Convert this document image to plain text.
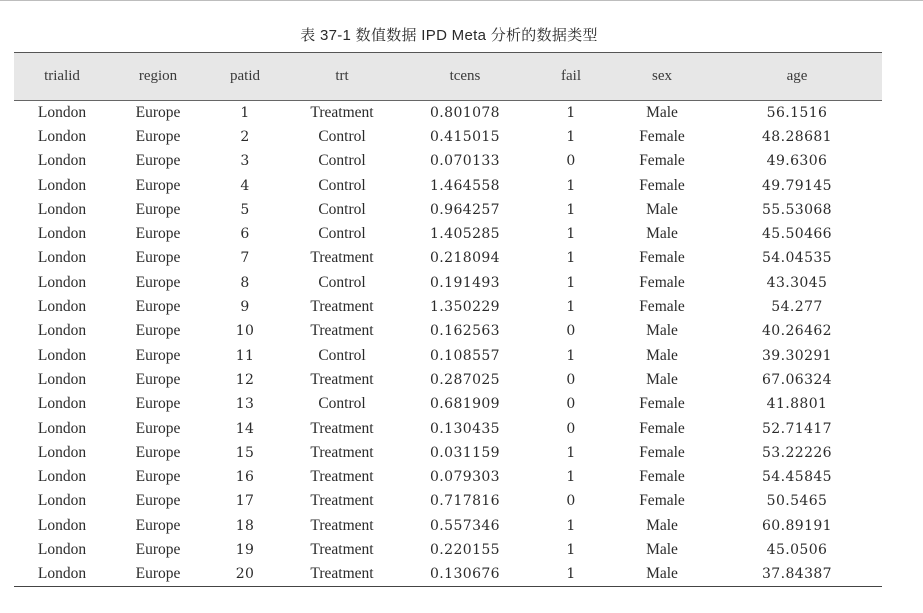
表 37-1 数值数据 IPD Meta 分析的数据类型
trialid	region	patid	trt	tcens	fail	sex	age
London	Europe	1	Treatment	0.801078	1	Male	56.1516
London	Europe	2	Control	0.415015	1	Female	48.28681
London	Europe	3	Control	0.070133	0	Female	49.6306
London	Europe	4	Control	1.464558	1	Female	49.79145
London	Europe	5	Control	0.964257	1	Male	55.53068
London	Europe	6	Control	1.405285	1	Male	45.50466
London	Europe	7	Treatment	0.218094	1	Female	54.04535
London	Europe	8	Control	0.191493	1	Female	43.3045
London	Europe	9	Treatment	1.350229	1	Female	54.277
London	Europe	10	Treatment	0.162563	0	Male	40.26462
London	Europe	11	Control	0.108557	1	Male	39.30291
London	Europe	12	Treatment	0.287025	0	Male	67.06324
London	Europe	13	Control	0.681909	0	Female	41.8801
London	Europe	14	Treatment	0.130435	0	Female	52.71417
London	Europe	15	Treatment	0.031159	1	Female	53.22226
London	Europe	16	Treatment	0.079303	1	Female	54.45845
London	Europe	17	Treatment	0.717816	0	Female	50.5465
London	Europe	18	Treatment	0.557346	1	Male	60.89191
London	Europe	19	Treatment	0.220155	1	Male	45.0506
London	Europe	20	Treatment	0.130676	1	Male	37.84387
